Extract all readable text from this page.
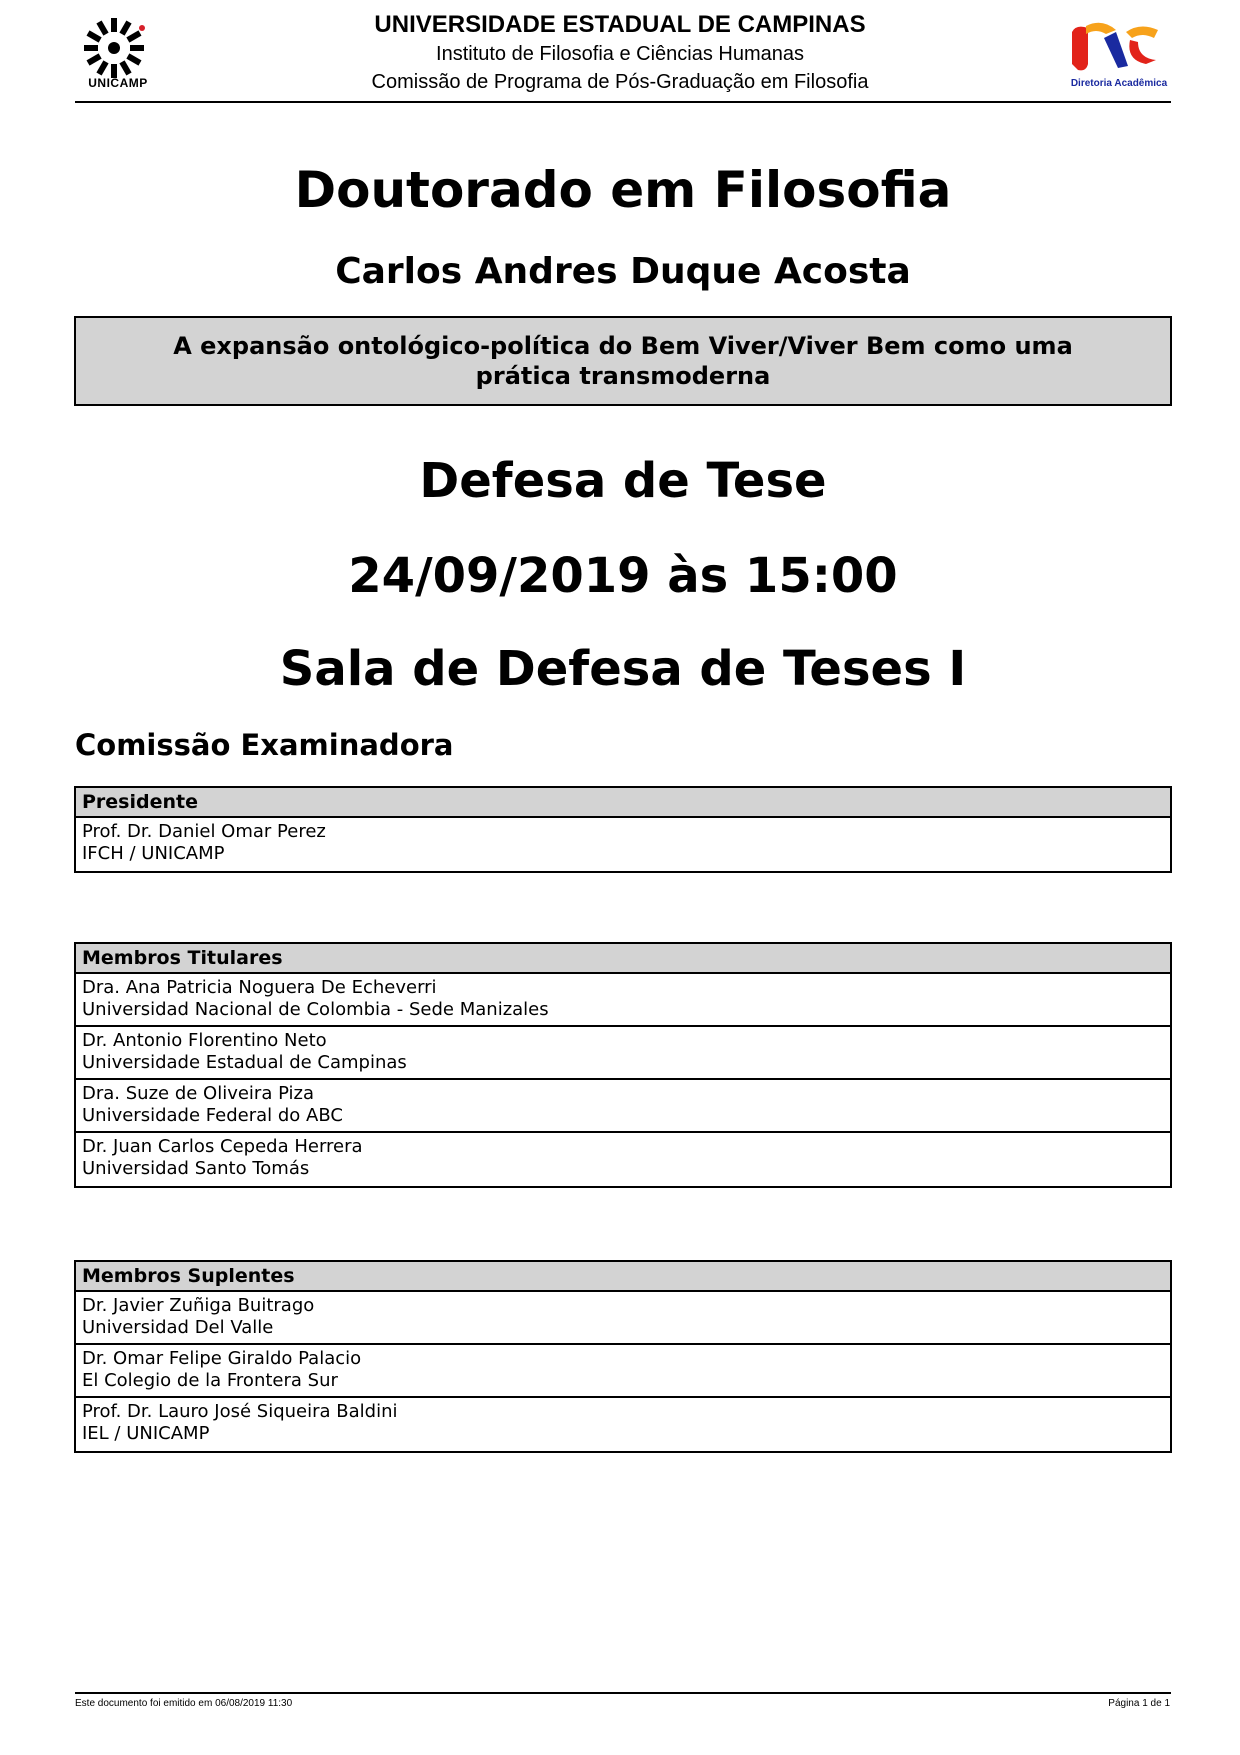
UNICAMP
UNIVERSIDADE ESTADUAL DE CAMPINAS
Instituto de Filosofia e Ciências Humanas
Comissão de Programa de Pós-Graduação em Filosofia	Diretoria Acadêmica
Doutorado em Filosofia
Carlos Andres Duque Acosta
A expansão ontológico-política do Bem Viver/Viver Bem como uma prática transmoderna
Defesa de Tese
24/09/2019 às 15:00
Sala de Defesa de Teses I
Comissão Examinadora
Presidente
Prof. Dr. Daniel Omar Perez
IFCH / UNICAMP
Membros Titulares
Dra. Ana Patricia Noguera De Echeverri
Universidad Nacional de Colombia - Sede Manizales
Dr. Antonio Florentino Neto
Universidade Estadual de Campinas
Dra. Suze de Oliveira Piza
Universidade Federal do ABC
Dr. Juan Carlos Cepeda Herrera
Universidad Santo Tomás
Membros Suplentes
Dr. Javier Zuñiga Buitrago
Universidad Del Valle
Dr. Omar Felipe Giraldo Palacio
El Colegio de la Frontera Sur
Prof. Dr. Lauro José Siqueira Baldini
IEL / UNICAMP
Este documento foi emitido em 06/08/2019 11:30	Página 1 de 1
